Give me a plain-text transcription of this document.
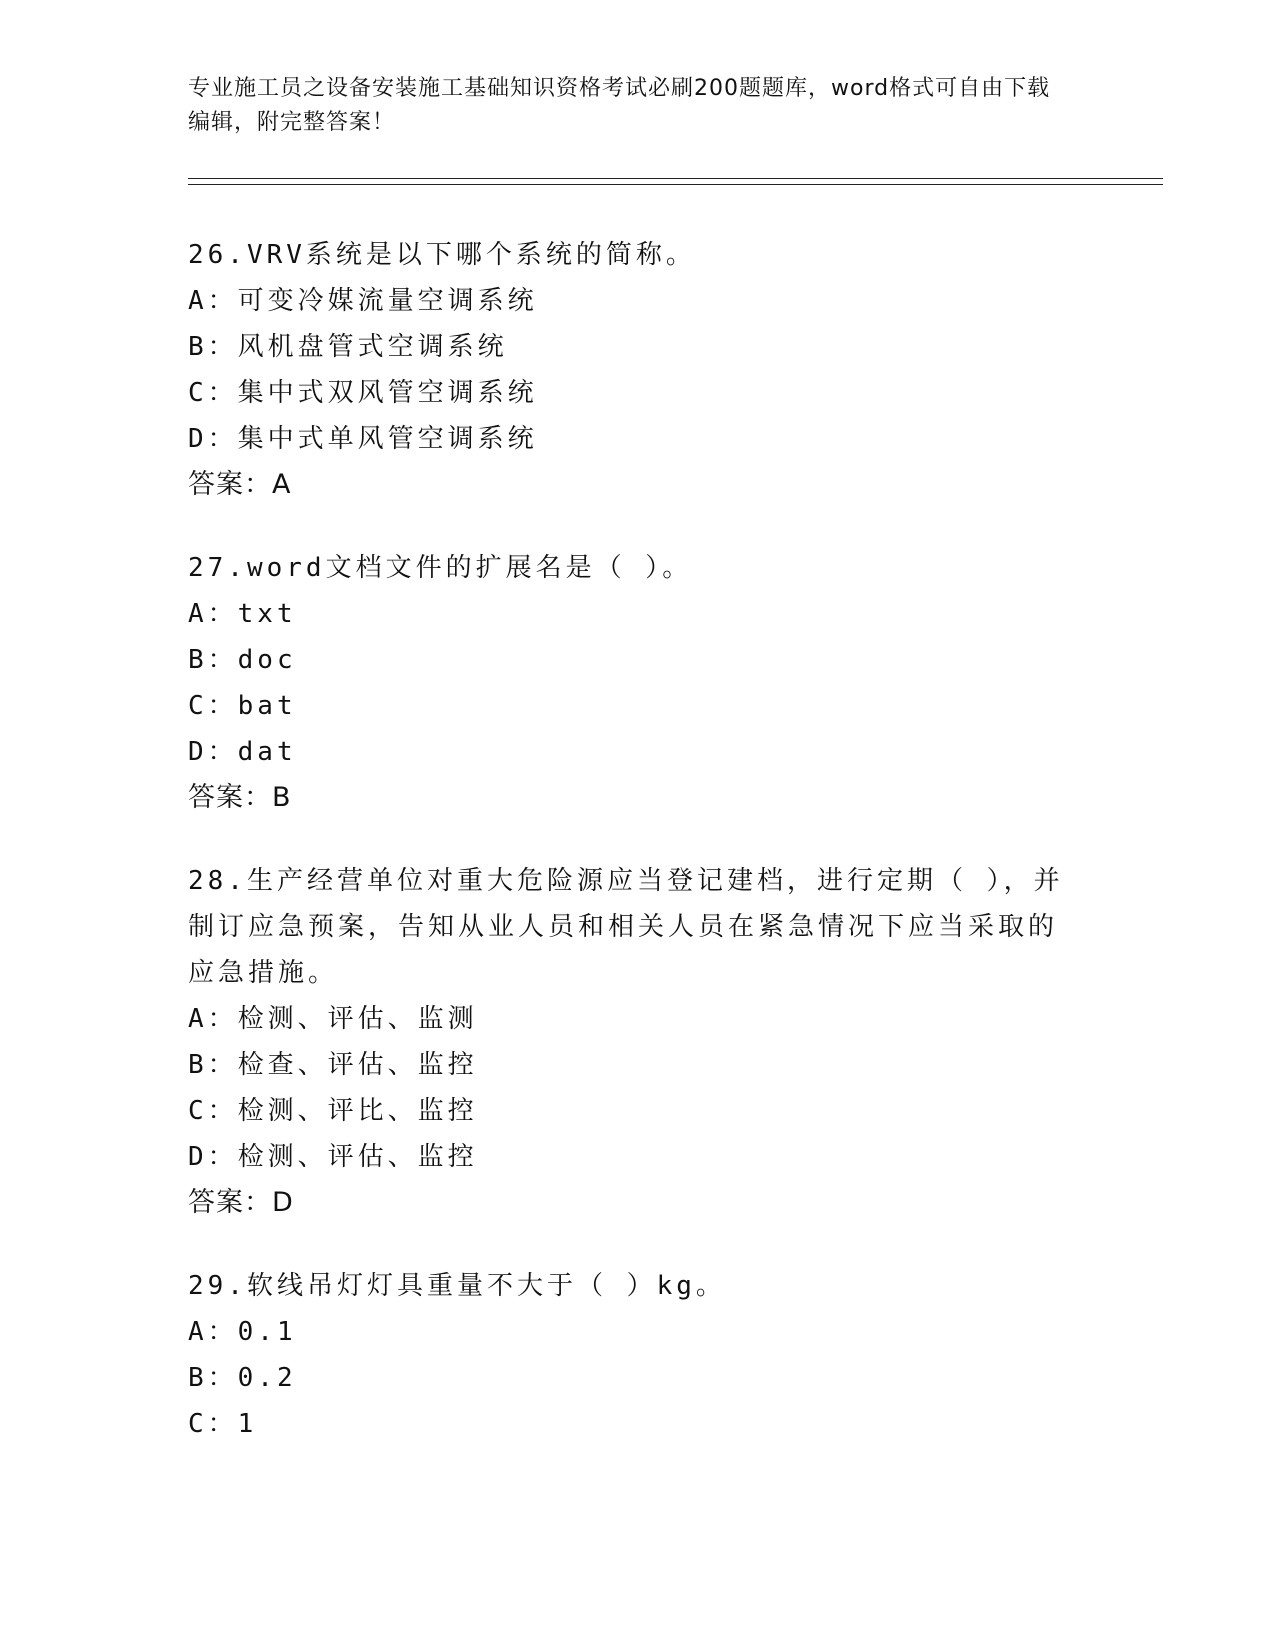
专业施工员之设备安装施工基础知识资格考试必刷200题题库，word格式可自由下载编辑，附完整答案！
26.VRV系统是以下哪个系统的简称。
A：可变冷媒流量空调系统
B：风机盘管式空调系统
C：集中式双风管空调系统
D：集中式单风管空调系统
答案：A
27.word文档文件的扩展名是（ ）。
A：txt
B：doc
C：bat
D：dat
答案：B
28.生产经营单位对重大危险源应当登记建档，进行定期（ ），并制订应急预案，告知从业人员和相关人员在紧急情况下应当采取的应急措施。
A：检测、评估、监测
B：检查、评估、监控
C：检测、评比、监控
D：检测、评估、监控
答案：D
29.软线吊灯灯具重量不大于（ ）kg。
A：0.1
B：0.2
C：1
